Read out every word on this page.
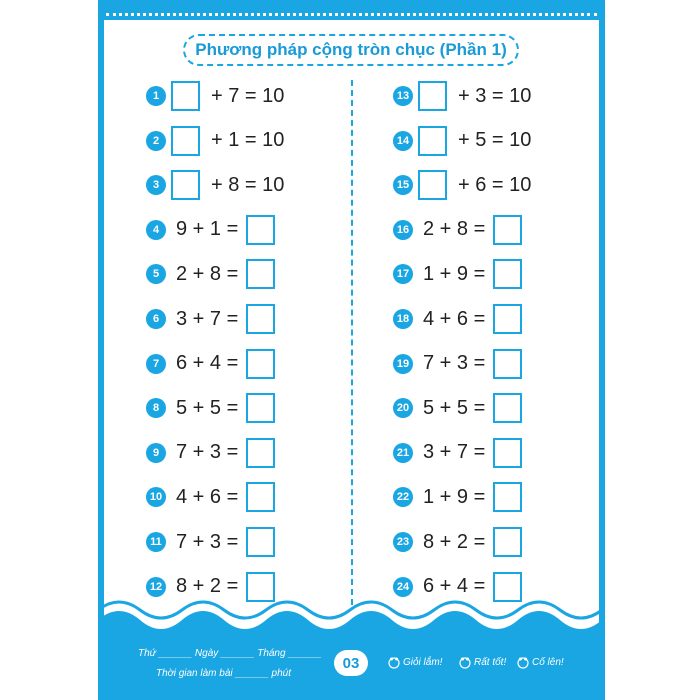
Phương pháp cộng tròn chục (Phần 1)
1	+ 7 = 10
2	+ 1 = 10
3	+ 8 = 10
4 9 + 1 =
5 2 + 8 =
6 3 + 7 =
7 6 + 4 =
8 5 + 5 =
9 7 + 3 =
10 4 + 6 =
11 7 + 3 =
12 8 + 2 =
13 + 3 = 10
14 + 5 = 10
15 + 6 = 10
16 2 + 8 =
17 1 + 9 =
18 4 + 6 =
19 7 + 3 =
20 5 + 5 =
21 3 + 7 =
22 1 + 9 =
23 8 + 2 =
24 6 + 4 =
Thứ ______ Ngày ______ Tháng ______
Thời gian làm bài ______ phút
03	Giỏi lắm!	Rất tốt!	Cố lên!
